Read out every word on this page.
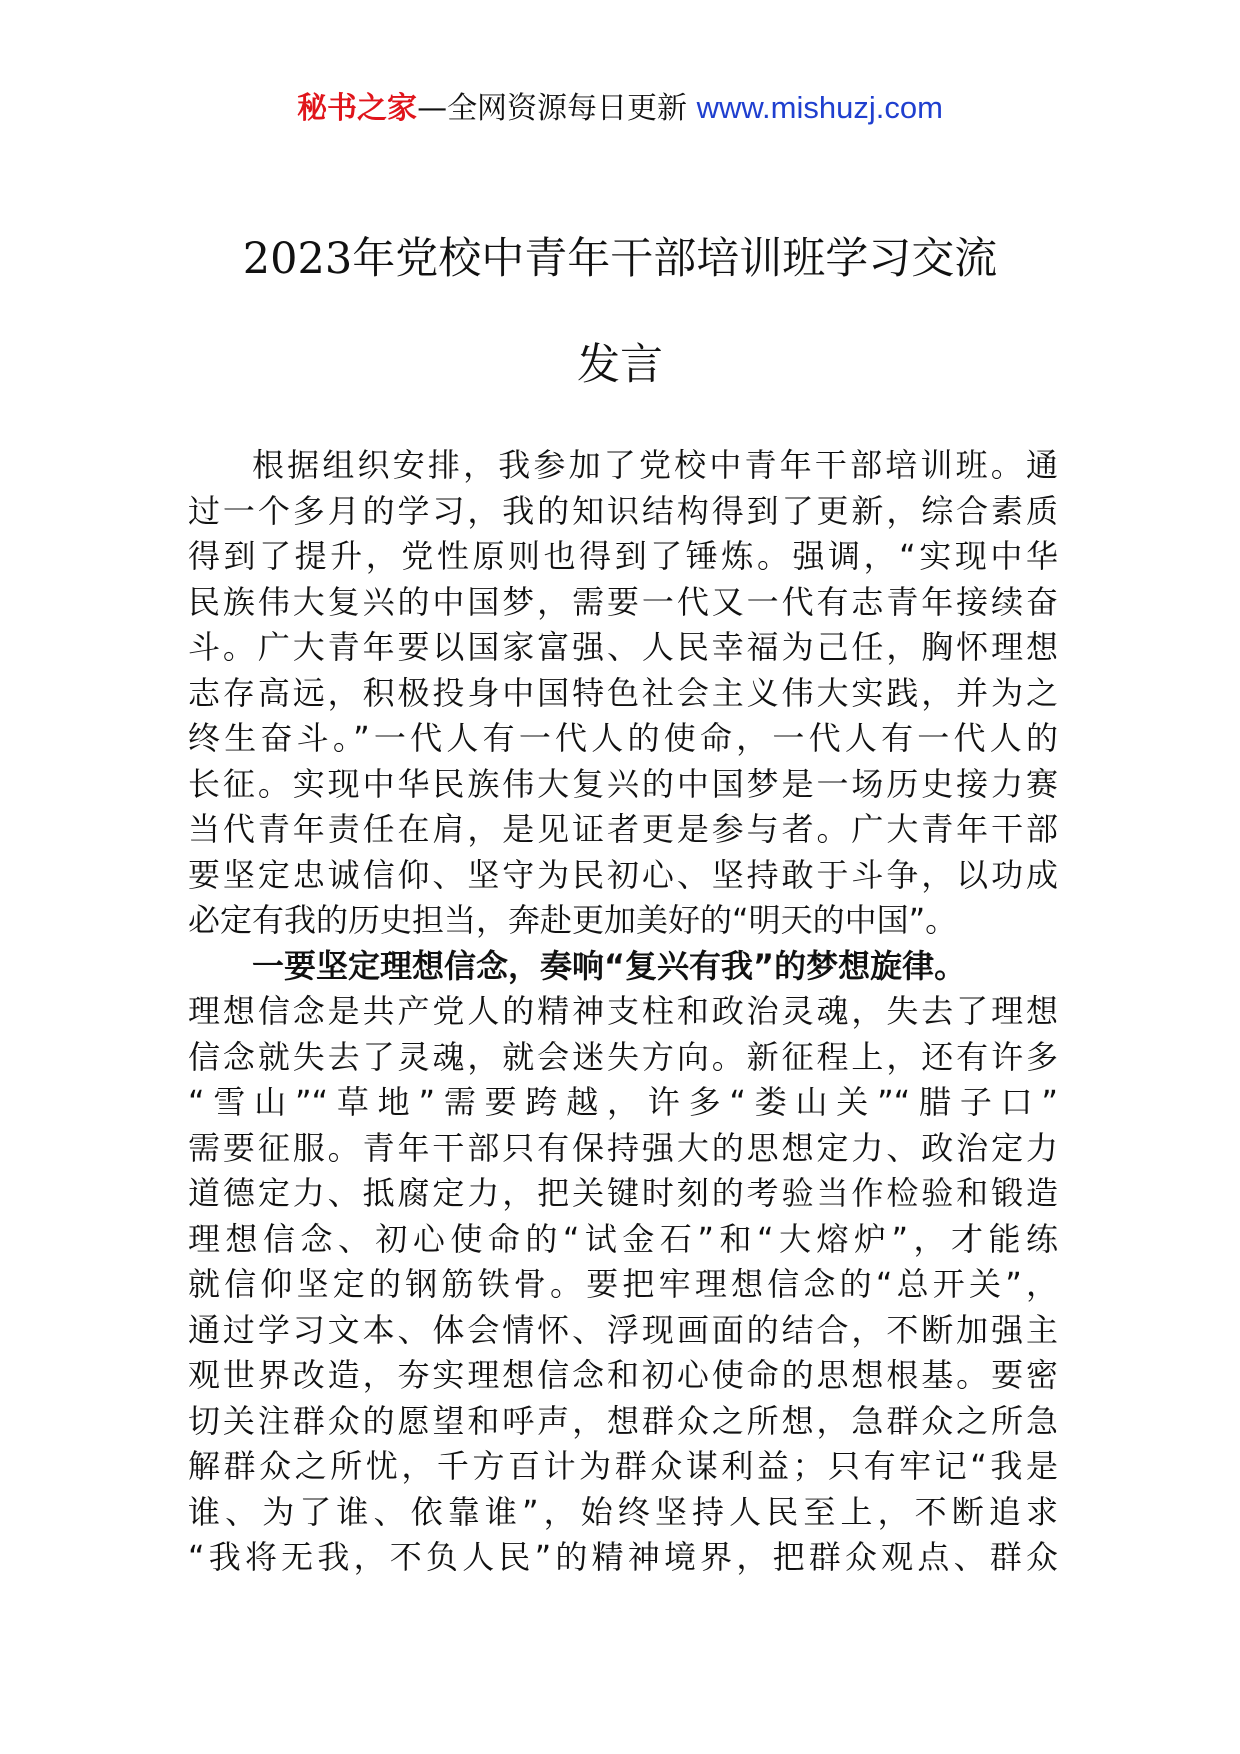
秘书之家—全网资源每日更新 www.mishuzj.com
2023年党校中青年干部培训班学习交流
发言
根据组织安排，我参加了党校中青年干部培训班。通
过一个多月的学习，我的知识结构得到了更新，综合素质
得到了提升，党性原则也得到了锤炼。强调，“实现中华
民族伟大复兴的中国梦，需要一代又一代有志青年接续奋
斗。广大青年要以国家富强、人民幸福为己任，胸怀理想
志存高远，积极投身中国特色社会主义伟大实践，并为之
终生奋斗。”一代人有一代人的使命，一代人有一代人的
长征。实现中华民族伟大复兴的中国梦是一场历史接力赛
当代青年责任在肩，是见证者更是参与者。广大青年干部
要坚定忠诚信仰、坚守为民初心、坚持敢于斗争，以功成
必定有我的历史担当，奔赴更加美好的“明天的中国”。
一要坚定理想信念，奏响“复兴有我”的梦想旋律。
理想信念是共产党人的精神支柱和政治灵魂，失去了理想
信念就失去了灵魂，就会迷失方向。新征程上，还有许多
“雪山”“草地”需要跨越，许多“娄山关”“腊子口”
需要征服。青年干部只有保持强大的思想定力、政治定力
道德定力、抵腐定力，把关键时刻的考验当作检验和锻造
理想信念、初心使命的“试金石”和“大熔炉”，才能练
就信仰坚定的钢筋铁骨。要把牢理想信念的“总开关”，
通过学习文本、体会情怀、浮现画面的结合，不断加强主
观世界改造，夯实理想信念和初心使命的思想根基。要密
切关注群众的愿望和呼声，想群众之所想，急群众之所急
解群众之所忧，千方百计为群众谋利益；只有牢记“我是
谁、为了谁、依靠谁”，始终坚持人民至上，不断追求
“我将无我，不负人民”的精神境界，把群众观点、群众
